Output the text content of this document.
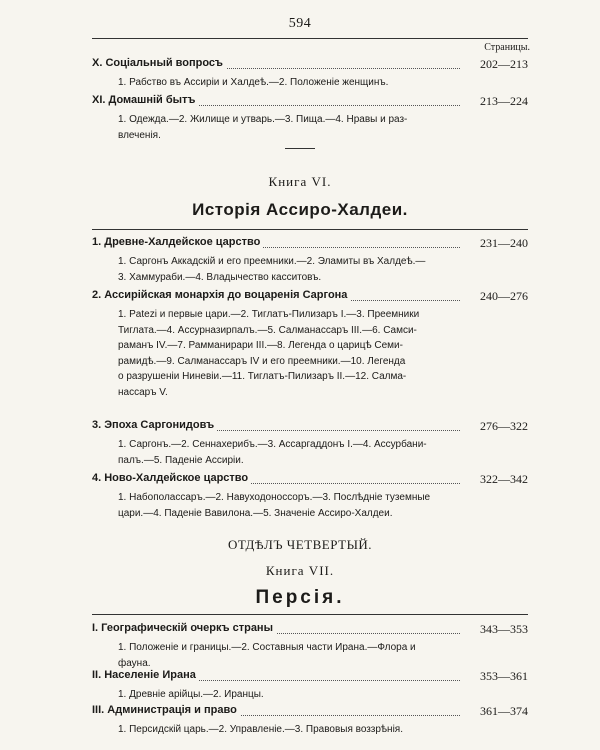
594
Страницы.
X. Соціальный вопросъ	202—213
1. Рабство въ Ассиріи и Халдеѣ.—2. Положеніе женщинъ.
XI. Домашній бытъ	213—224
1. Одежда.—2. Жилище и утварь.—3. Пища.—4. Нравы и раз-
влеченія.
Книга VI.
Исторія Ассиро-Халдеи.
1. Древне-Халдейское царство	231—240
1. Саргонъ Аккадскій и его преемники.—2. Эламиты въ Халдеѣ.—
3. Хаммураби.—4. Владычество касситовъ.
2. Ассирійская монархія до воцаренія Саргона	240—276
1. Patezi и первые цари.—2. Тиглатъ-Пилизаръ I.—3. Преемники
Тиглата.—4. Ассурназирпалъ.—5. Салманассаръ III.—6. Самси-
раманъ IV.—7. Рамманирари III.—8. Легенда о царицѣ Семи-
рамидѣ.—9. Салманассаръ IV и его преемники.—10. Легенда
о разрушеніи Ниневіи.—11. Тиглатъ-Пилизаръ II.—12. Салма-
нассаръ V.
3. Эпоха Саргонидовъ	276—322
1. Саргонъ.—2. Сеннахерибъ.—3. Ассаргаддонъ I.—4. Ассурбани-
палъ.—5. Паденіе Ассиріи.
4. Ново-Халдейское царство	322—342
1. Набополассаръ.—2. Навуходоноссоръ.—3. Послѣдніе туземные
цари.—4. Паденіе Вавилона.—5. Значеніе Ассиро-Халдеи.
ОТДѢЛЪ ЧЕТВЕРТЫЙ.
Книга VII.
Персія.
I. Географическій очеркъ страны	343—353
1. Положеніе и границы.—2. Составныя части Ирана.—Флора и
фауна.
II. Населеніе Ирана	353—361
1. Древніе арійцы.—2. Иранцы.
III. Администрація и право	361—374
1. Персидскій царь.—2. Управленіе.—3. Правовыя воззрѣнія.
